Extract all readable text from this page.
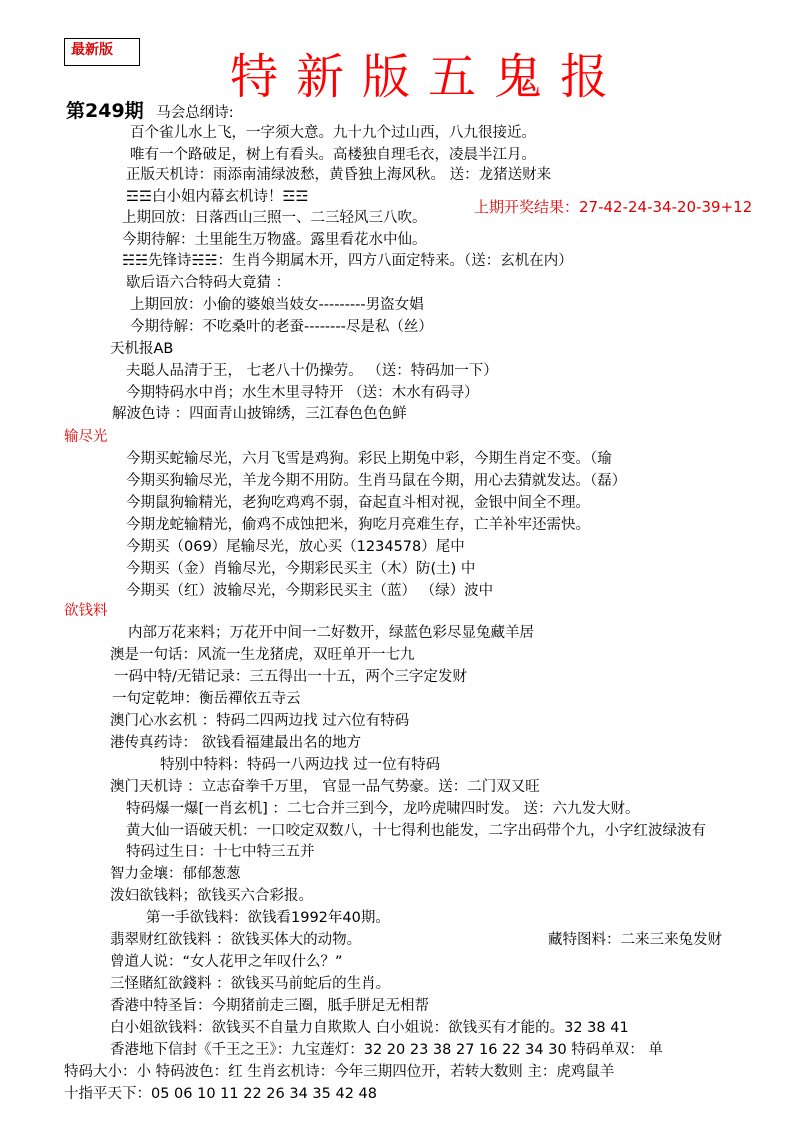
最新版	特新版五鬼报
第249期 马会总纲诗:
上期开奖结果：27-42-24-34-20-39+12
百个雀儿水上飞，一字须大意。九十九个过山西，八九很接近。
唯有一个路破足，树上有看头。高楼独自理毛衣，凌晨半江月。
正版天机诗：雨添南浦绿波愁，黄昏独上海风秋。 送：龙猪送财来
☲☲白小姐内幕玄机诗！☲☲
上期回放：日落西山三照一、二三轻风三八吹。
今期待解：土里能生万物盛。露里看花水中仙。
☵☵先锋诗☵☵：生肖今期属木开，四方八面定特来。（送：玄机在内）
歇后语六合特码大竟猜 ：
上期回放：小偷的婆娘当妓女---------男盗女娼
今期待解：不吃桑叶的老蚕--------尽是私（丝）
天机报AB
夫聪人品清于王， 七老八十仍操劳。 （送：特码加一下）
今期特码水中肖；水生木里寻特开 （送：木水有码寻）
解波色诗 ：四面青山披锦绣，三江春色色色鲜
输尽光
今期买蛇输尽光，六月飞雪是鸡狗。彩民上期兔中彩，今期生肖定不变。（瑜
今期买狗输尽光，羊龙今期不用防。生肖马鼠在今期，用心去猜就发达。（磊）
今期鼠狗输精光，老狗吃鸡鸡不弱，奋起直斗相对视，金银中间全不理。
今期龙蛇输精光，偷鸡不成蚀把米，狗吃月亮难生存，亡羊补牢还需快。
今期买（069）尾输尽光，放心买（1234578）尾中
今期买（金）肖输尽光，今期彩民买主（木）防(土) 中
今期买（红）波输尽光，今期彩民买主（蓝） （绿）波中
欲钱料
内部万花来料；万花开中间一二好数开，绿蓝色彩尽显兔藏羊居
澳是一句话：风流一生龙猪虎，双旺单开一七九
一码中特/无错记录：三五得出一十五，两个三字定发财
一句定乾坤：衡岳禪依五寺云
澳门心水玄机 ：特码二四两边找 过六位有特码
港传真药诗： 欲钱看福建最出名的地方
特别中特料：特码一八两边找 过一位有特码
澳门天机诗 ：立志奋拳千万里， 官显一品气势豪。送：二门双又旺
特码爆一爆[一肖玄机] ：二七合并三到今，龙吟虎啸四时发。 送：六九发大财。
黄大仙一语破天机：一口咬定双数八，十七得利也能发，二字出码带个九，小字红波绿波有
特码过生日：十七中特三五并
智力金壤：郁郁葱葱
泼妇欲钱料；欲钱买六合彩报。
第一手欲钱料：欲钱看1992年40期。
翡翠财红欲钱料 ：欲钱买体大的动物。	藏特图料：二来三来兔发财
曾道人说：“女人花甲之年叹什么？”
三怪賭紅欲錢料 ：欲钱买马前蛇后的生肖。
香港中特圣旨：今期猪前走三圈，胝手胼足无相帮
白小姐欲钱料：欲钱买不自量力自欺欺人 白小姐说：欲钱买有才能的。32 38 41
香港地下信封《千王之王》：九宝莲灯：32 20 23 38 27 16 22 34 30 特码单双： 单
特码大小：小 特码波色：红 生肖玄机诗：今年三期四位开，若转大数则 主：虎鸡鼠羊
十指平天下：05 06 10 11 22 26 34 35 42 48
